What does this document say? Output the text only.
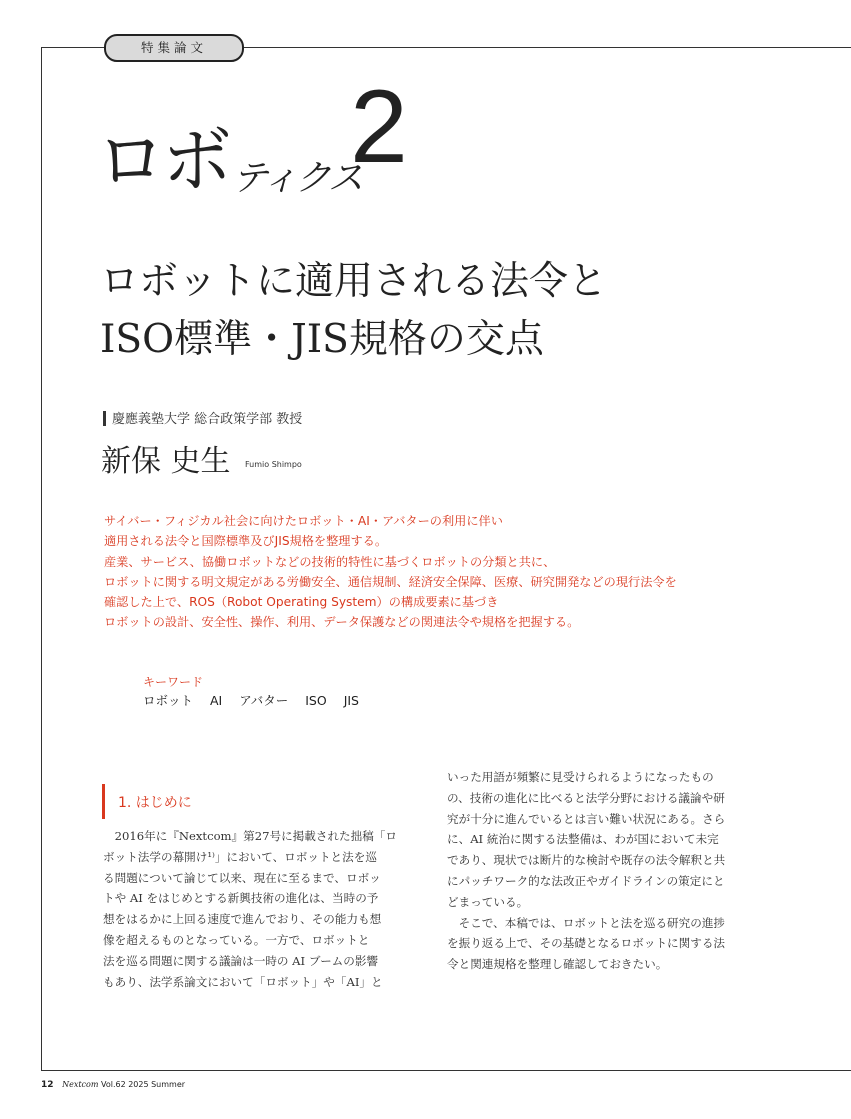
特集論文
ロボ ティクス
2
ロボットに適用される法令と
ISO標準・JIS規格の交点
慶應義塾大学 総合政策学部 教授
新保 史生 Fumio Shimpo
サイバー・フィジカル社会に向けたロボット・AI・アバターの利用に伴い
適用される法令と国際標準及びJIS規格を整理する。
産業、サービス、協働ロボットなどの技術的特性に基づくロボットの分類と共に、
ロボットに関する明文規定がある労働安全、通信規制、経済安全保障、医療、研究開発などの現行法令を
確認した上で、ROS（Robot Operating System）の構成要素に基づき
ロボットの設計、安全性、操作、利用、データ保護などの関連法令や規格を把握する。
キーワード
ロボット AI アバター ISO JIS
1. はじめに
　2016年に『Nextcom』第27号に掲載された拙稿「ロ
ボット法学の幕開け¹⁾」において、ロボットと法を巡
る問題について論じて以来、現在に至るまで、ロボッ
トや AI をはじめとする新興技術の進化は、当時の予
想をはるかに上回る速度で進んでおり、その能力も想
像を超えるものとなっている。一方で、ロボットと
法を巡る問題に関する議論は一時の AI ブームの影響
もあり、法学系論文において「ロボット」や「AI」と
いった用語が頻繁に見受けられるようになったもの
の、技術の進化に比べると法学分野における議論や研
究が十分に進んでいるとは言い難い状況にある。さら
に、AI 統治に関する法整備は、わが国において未完
であり、現状では断片的な検討や既存の法令解釈と共
にパッチワーク的な法改正やガイドラインの策定にと
どまっている。
　そこで、本稿では、ロボットと法を巡る研究の進捗
を振り返る上で、その基礎となるロボットに関する法
令と関連規格を整理し確認しておきたい。
12 Nextcom Vol.62 2025 Summer
